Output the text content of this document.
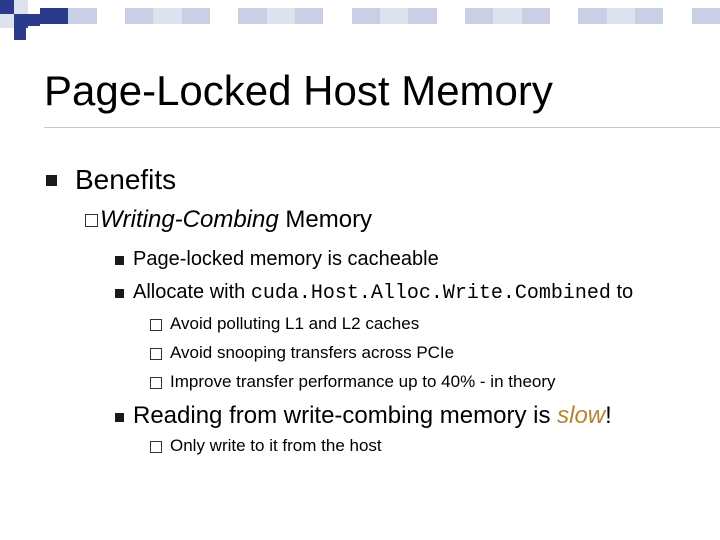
Page-Locked Host Memory
Benefits
Writing-Combing Memory
Page-locked memory is cacheable
Allocate with cuda.Host.Alloc.Write.Combined to
Avoid polluting L1 and L2 caches
Avoid snooping transfers across PCIe
Improve transfer performance up to 40% - in theory
Reading from write-combing memory is slow!
Only write to it from the host
